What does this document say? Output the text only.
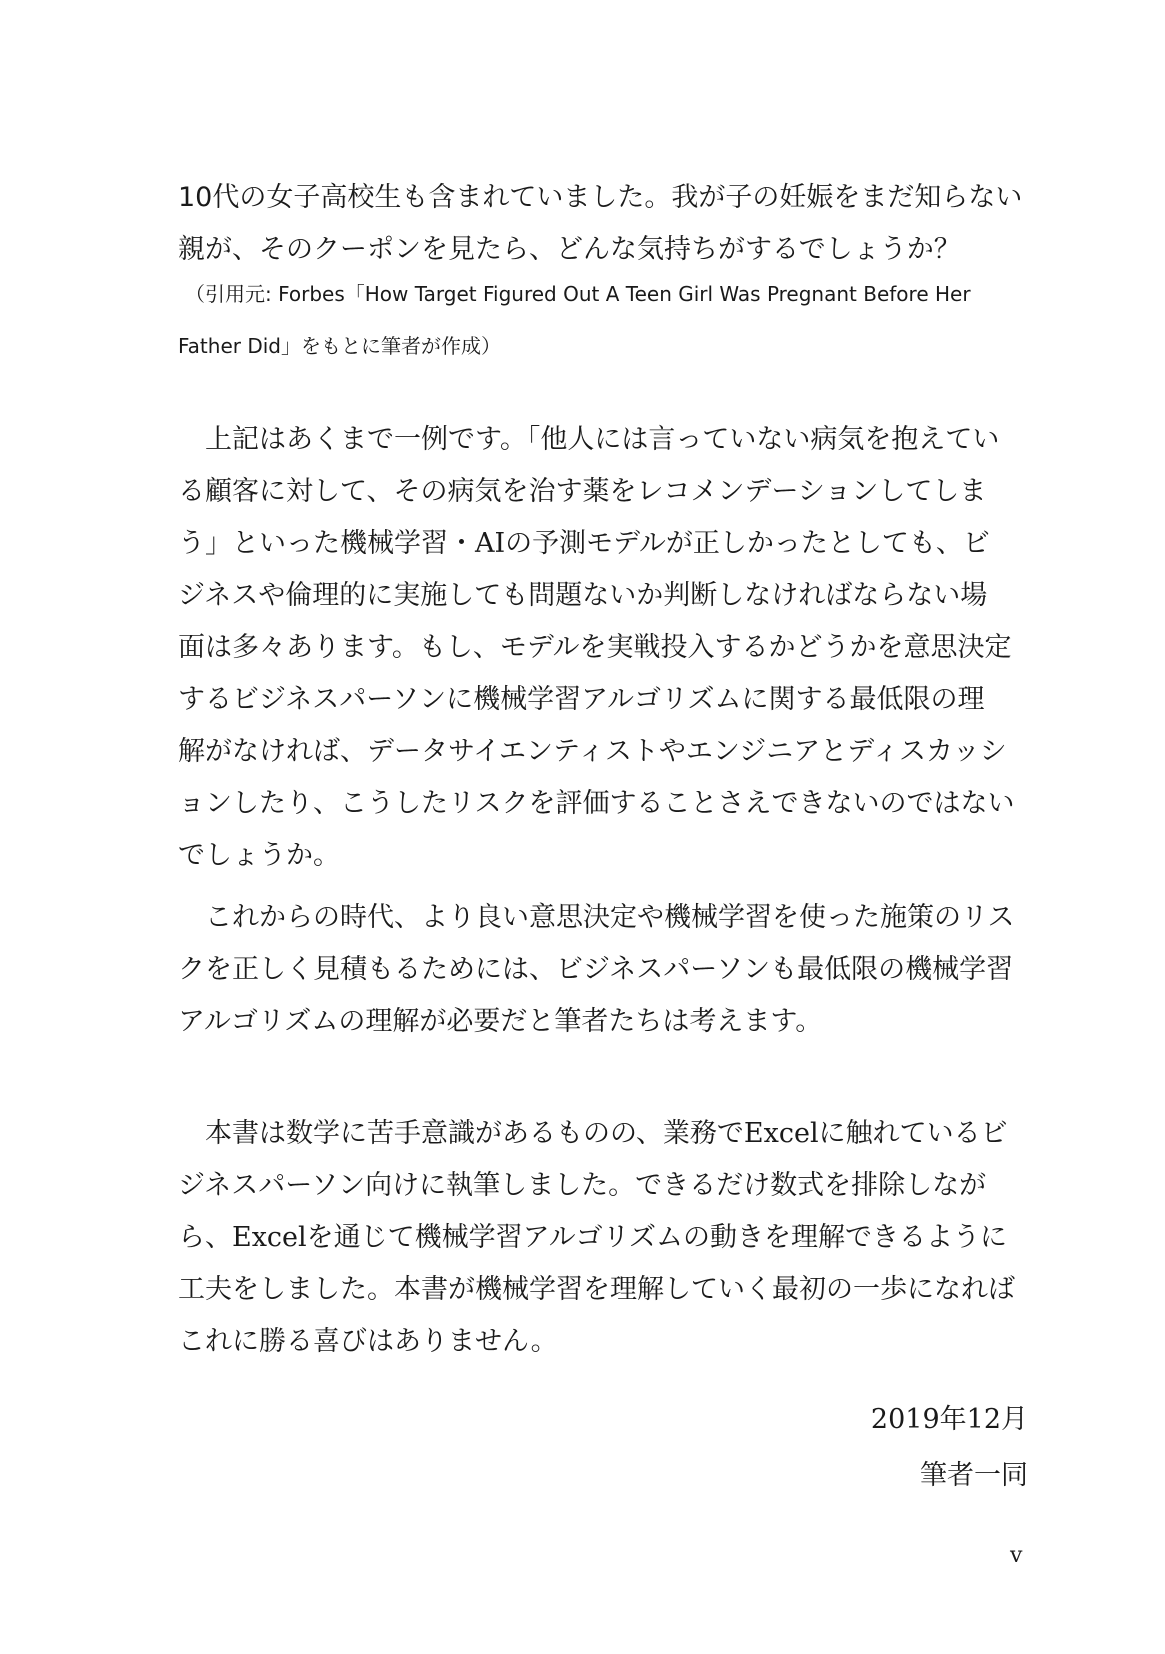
10代の女子高校生も含まれていました。我が子の妊娠をまだ知らない
親が、そのクーポンを見たら、どんな気持ちがするでしょうか？
（引用元: Forbes「How Target Figured Out A Teen Girl Was Pregnant Before Her
Father Did」をもとに筆者が作成）
　上記はあくまで一例です。「他人には言っていない病気を抱えてい
る顧客に対して、その病気を治す薬をレコメンデーションしてしま
う」といった機械学習・AIの予測モデルが正しかったとしても、ビ
ジネスや倫理的に実施しても問題ないか判断しなければならない場
面は多々あります。もし、モデルを実戦投入するかどうかを意思決定
するビジネスパーソンに機械学習アルゴリズムに関する最低限の理
解がなければ、データサイエンティストやエンジニアとディスカッシ
ョンしたり、こうしたリスクを評価することさえできないのではない
でしょうか。
　これからの時代、より良い意思決定や機械学習を使った施策のリス
クを正しく見積もるためには、ビジネスパーソンも最低限の機械学習
アルゴリズムの理解が必要だと筆者たちは考えます。
　本書は数学に苦手意識があるものの、業務でExcelに触れているビ
ジネスパーソン向けに執筆しました。できるだけ数式を排除しなが
ら、Excelを通じて機械学習アルゴリズムの動きを理解できるように
工夫をしました。本書が機械学習を理解していく最初の一歩になれば
これに勝る喜びはありません。
2019年12月
筆者一同
v
